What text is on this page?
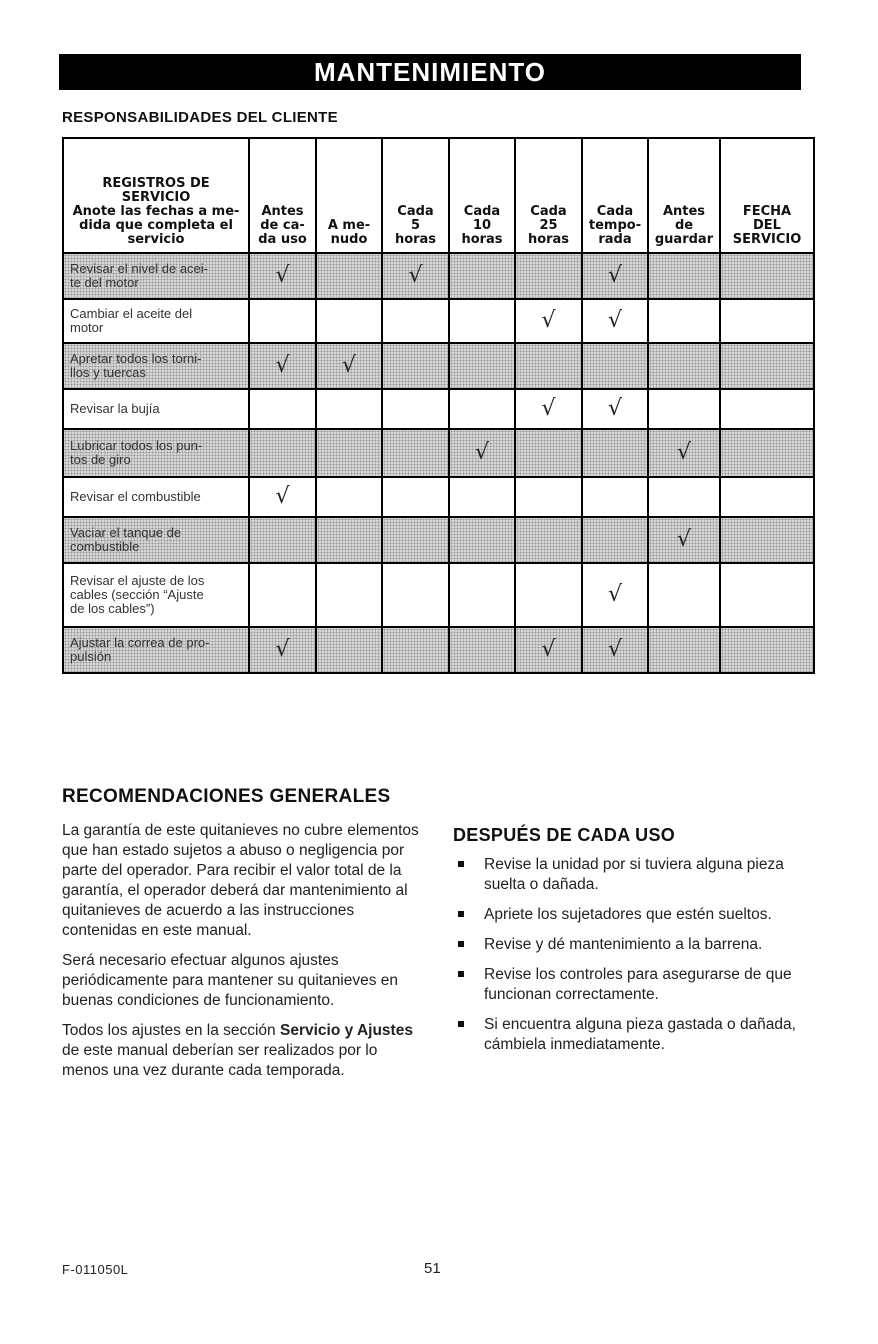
MANTENIMIENTO
RESPONSABILIDADES DEL CLIENTE
REGISTROS DE
SERVICIO
Anote las fechas a me-
dida que completa el
servicio	Antes
de ca-
da uso	A me-
nudo	Cada
5
horas	Cada
10
horas	Cada
25
horas	Cada
tempo-
rada	Antes
de
guardar	FECHA
DEL
SERVICIO	
Revisar el nivel de acei-
te del motor	√		√			√			
Cambiar el aceite del
motor					√	√			
Apretar todos los torni-
llos y tuercas	√	√							
Revisar la bujía					√	√			
Lubricar todos los pun-
tos de giro				√			√		
Revisar el combustible	√								
Vaciar el tanque de
combustible							√		
Revisar el ajuste de los
cables (sección “Ajuste
de los cables”)						√			
Ajustar la correa de pro-
pulsión	√				√	√			
RECOMENDACIONES GENERALES

La garantía de este quitanieves no cubre elementos que han estado sujetos a abuso o negligencia por parte del operador. Para recibir el valor total de la garantía, el operador deberá dar mantenimiento al quitanieves de acuerdo a las instrucciones contenidas en este manual.

Será necesario efectuar algunos ajustes periódicamente para mantener su quitanieves en buenas condiciones de funcionamiento.

Todos los ajustes en la sección Servicio y Ajustes de este manual deberían ser realizados por lo menos una vez durante cada temporada.

DESPUÉS DE CADA USO
Revise la unidad por si tuviera alguna pieza suelta o dañada.
Apriete los sujetadores que estén sueltos.
Revise y dé mantenimiento a la barrena.
Revise los controles para asegurarse de que funcionan correctamente.
Si encuentra alguna pieza gastada o dañada, cámbiela inmediatamente.
F-011050L	51
